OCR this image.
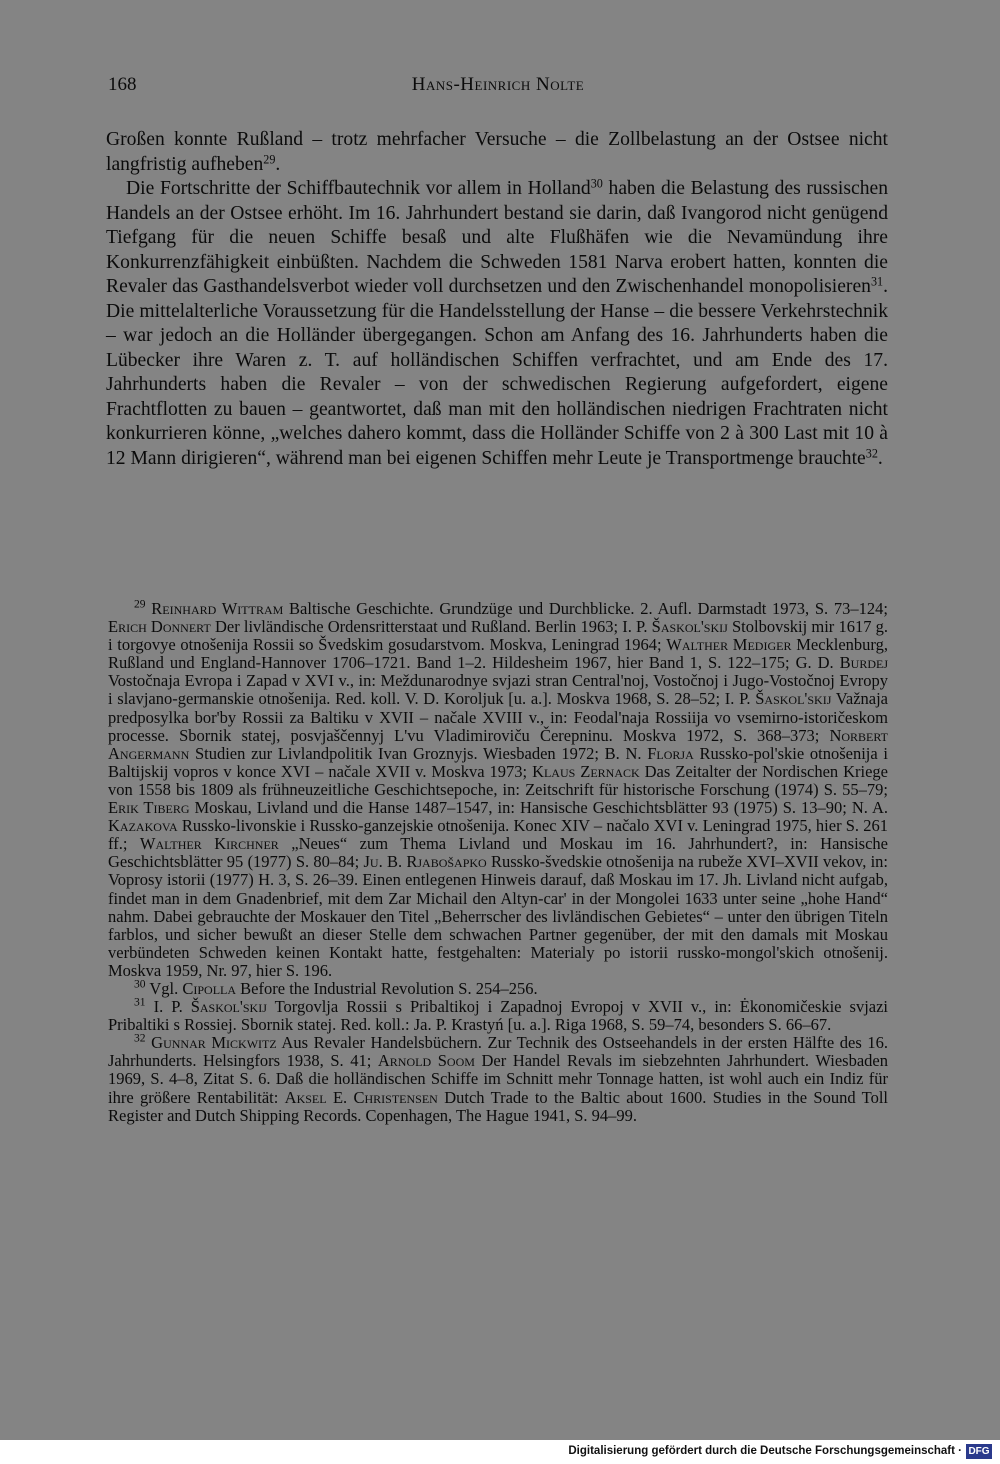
168	Hans-Heinrich Nolte

Großen konnte Rußland – trotz mehrfacher Versuche – die Zollbelastung an der Ostsee nicht langfristig aufheben$^{29}$.

Die Fortschritte der Schiffbautechnik vor allem in Holland$^{30}$ haben die Belastung des russischen Handels an der Ostsee erhöht. Im 16. Jahrhundert bestand sie darin, daß Ivangorod nicht genügend Tiefgang für die neuen Schiffe besaß und alte Flußhäfen wie die Nevamündung ihre Konkurrenzfähigkeit einbüßten. Nachdem die Schweden 1581 Narva erobert hatten, konnten die Revaler das Gasthandelsverbot wieder voll durchsetzen und den Zwischenhandel monopolisieren$^{31}$. Die mittelalterliche Voraussetzung für die Handelsstellung der Hanse – die bessere Verkehrstechnik – war jedoch an die Holländer übergegangen. Schon am Anfang des 16. Jahrhunderts haben die Lübecker ihre Waren z. T. auf holländischen Schiffen verfrachtet, und am Ende des 17. Jahrhunderts haben die Revaler – von der schwedischen Regierung aufgefordert, eigene Frachtflotten zu bauen – geantwortet, daß man mit den holländischen niedrigen Frachtraten nicht konkurrieren könne, „welches dahero kommt, dass die Holländer Schiffe von 2 à 300 Last mit 10 à 12 Mann dirigieren“, während man bei eigenen Schiffen mehr Leute je Transportmenge brauchte$^{32}$.

$^{29}$ Reinhard Wittram Baltische Geschichte. Grundzüge und Durchblicke. 2. Aufl. Darmstadt 1973, S. 73–124; Erich Donnert Der livländische Ordensritterstaat und Rußland. Berlin 1963; I. P. Šaskol'skij Stolbovskij mir 1617 g. i torgovye otnošenija Rossii so Švedskim gosudarstvom. Moskva, Leningrad 1964; Walther Mediger Mecklenburg, Rußland und England-Hannover 1706–1721. Band 1–2. Hildesheim 1967, hier Band 1, S. 122–175; G. D. Burdej Vostočnaja Evropa i Zapad v XVI v., in: Meždunarodnye svjazi stran Central'noj, Vostočnoj i Jugo-Vostočnoj Evropy i slavjano-germanskie otnošenija. Red. koll. V. D. Koroljuk [u. a.]. Moskva 1968, S. 28–52; I. P. Šaskol'skij Važnaja predposylka bor'by Rossii za Baltiku v XVII – načale XVIII v., in: Feodal'naja Rossiija vo vsemirno-istoričeskom processe. Sbornik statej, posvjaščennyj L'vu Vladimiroviču Čerepninu. Moskva 1972, S. 368–373; Norbert Angermann Studien zur Livlandpolitik Ivan Groznyjs. Wiesbaden 1972; B. N. Florja Russko-pol'skie otnošenija i Baltijskij vopros v konce XVI – načale XVII v. Moskva 1973; Klaus Zernack Das Zeitalter der Nordischen Kriege von 1558 bis 1809 als frühneuzeitliche Geschichtsepoche, in: Zeitschrift für historische Forschung (1974) S. 55–79; Erik Tiberg Moskau, Livland und die Hanse 1487–1547, in: Hansische Geschichtsblätter 93 (1975) S. 13–90; N. A. Kazakova Russko-livonskie i Russko-ganzejskie otnošenija. Konec XIV – načalo XVI v. Leningrad 1975, hier S. 261 ff.; Walther Kirchner „Neues“ zum Thema Livland und Moskau im 16. Jahrhundert?, in: Hansische Geschichtsblätter 95 (1977) S. 80–84; Ju. B. Rjabošapko Russko-švedskie otnošenija na rubeže XVI–XVII vekov, in: Voprosy istorii (1977) H. 3, S. 26–39. Einen entlegenen Hinweis darauf, daß Moskau im 17. Jh. Livland nicht aufgab, findet man in dem Gnadenbrief, mit dem Zar Michail den Altyn-car' in der Mongolei 1633 unter seine „hohe Hand“ nahm. Dabei gebrauchte der Moskauer den Titel „Beherrscher des livländischen Gebietes“ – unter den übrigen Titeln farblos, und sicher bewußt an dieser Stelle dem schwachen Partner gegenüber, der mit den damals mit Moskau verbündeten Schweden keinen Kontakt hatte, festgehalten: Materialy po istorii russko-mongol'skich otnošenij. Moskva 1959, Nr. 97, hier S. 196.

$^{30}$ Vgl. Cipolla Before the Industrial Revolution S. 254–256.

$^{31}$ I. P. Šaskol'skij Torgovlja Rossii s Pribaltikoj i Zapadnoj Evropoj v XVII v., in: Ėkonomičeskie svjazi Pribaltiki s Rossiej. Sbornik statej. Red. koll.: Ja. P. Krastyń [u. a.]. Riga 1968, S. 59–74, besonders S. 66–67.

$^{32}$ Gunnar Mickwitz Aus Revaler Handelsbüchern. Zur Technik des Ostseehandels in der ersten Hälfte des 16. Jahrhunderts. Helsingfors 1938, S. 41; Arnold Soom Der Handel Revals im siebzehnten Jahrhundert. Wiesbaden 1969, S. 4–8, Zitat S. 6. Daß die holländischen Schiffe im Schnitt mehr Tonnage hatten, ist wohl auch ein Indiz für ihre größere Rentabilität: Aksel E. Christensen Dutch Trade to the Baltic about 1600. Studies in the Sound Toll Register and Dutch Shipping Records. Copenhagen, The Hague 1941, S. 94–99.

Digitalisierung gefördert durch die Deutsche Forschungsgemeinschaft · DFG
